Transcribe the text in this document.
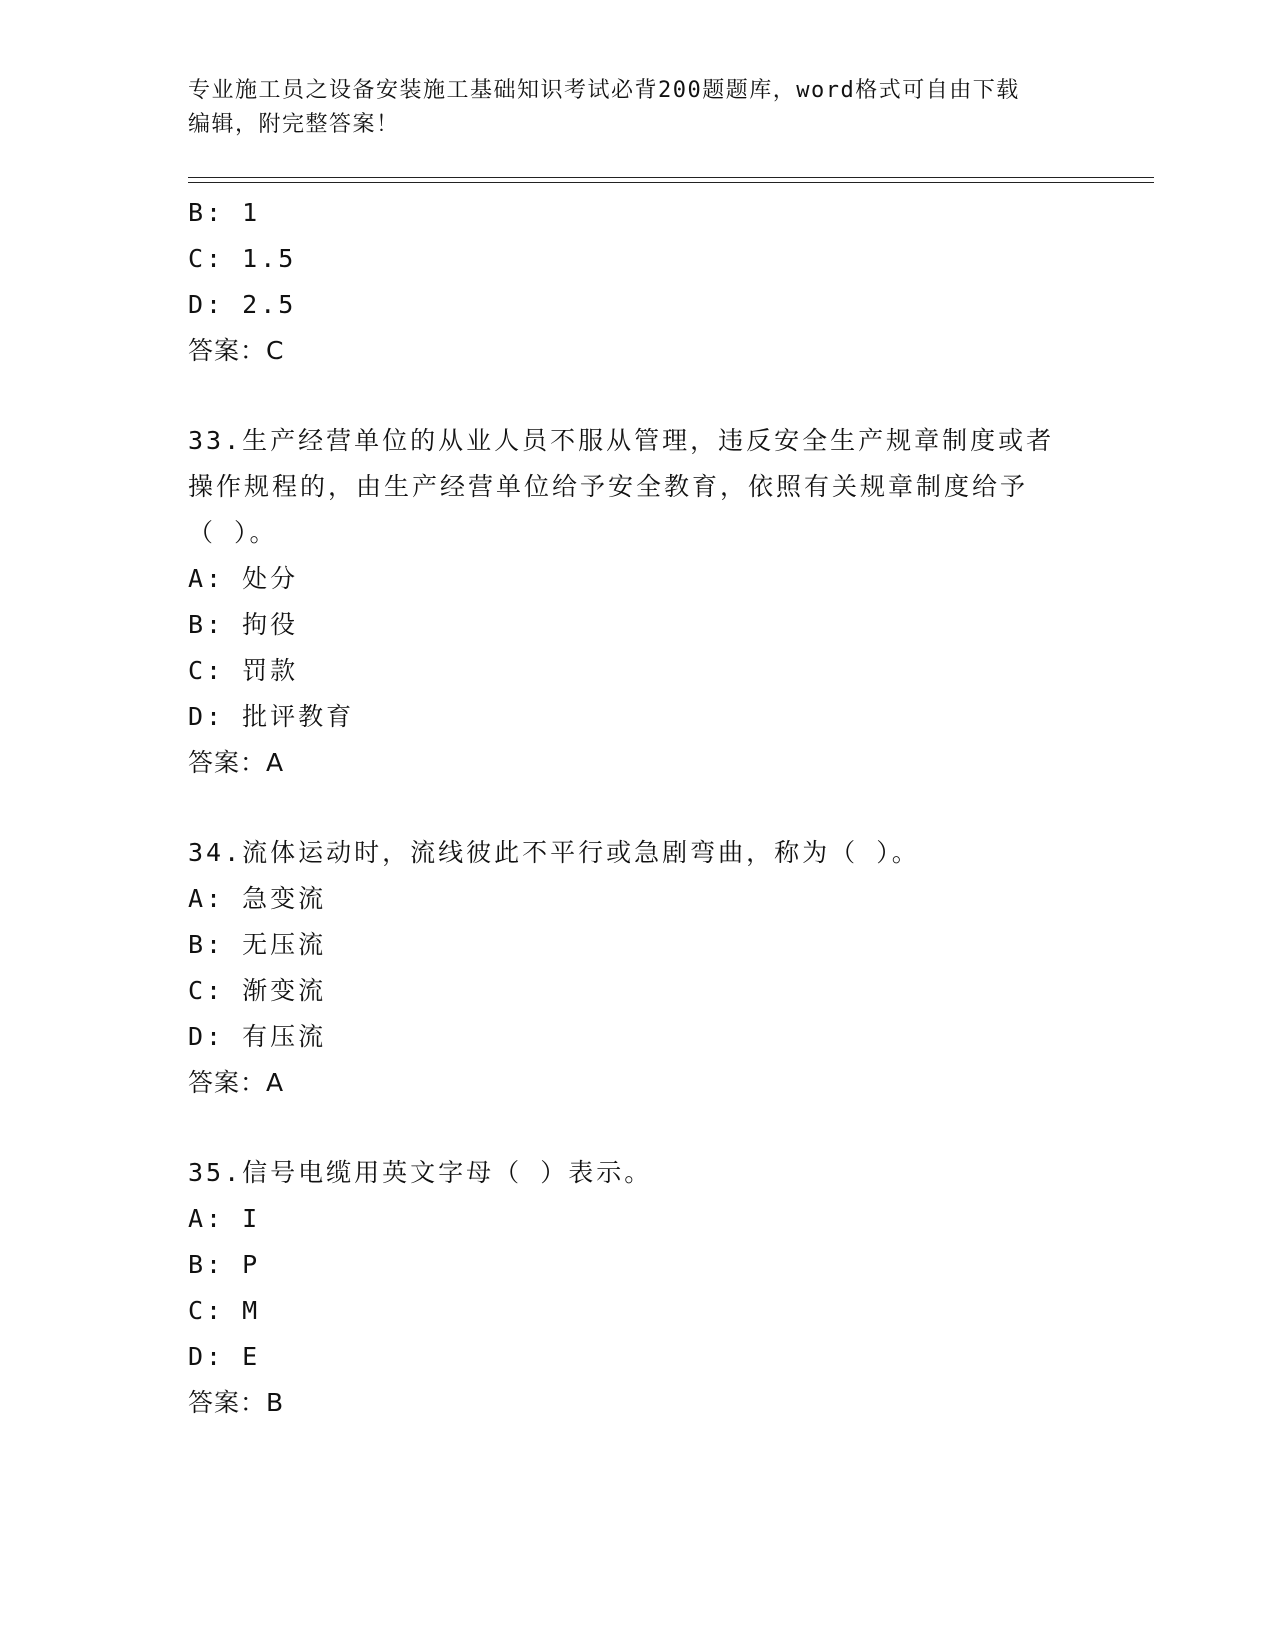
专业施工员之设备安装施工基础知识考试必背200题题库，word格式可自由下载
编辑，附完整答案！
B: 1
C: 1.5
D: 2.5
答案：C
33.生产经营单位的从业人员不服从管理，违反安全生产规章制度或者
操作规程的，由生产经营单位给予安全教育，依照有关规章制度给予
（ ）。
A: 处分
B: 拘役
C: 罚款
D: 批评教育
答案：A
34.流体运动时，流线彼此不平行或急剧弯曲，称为（ ）。
A: 急变流
B: 无压流
C: 渐变流
D: 有压流
答案：A
35.信号电缆用英文字母（ ）表示。
A: I
B: P
C: M
D: E
答案：B
